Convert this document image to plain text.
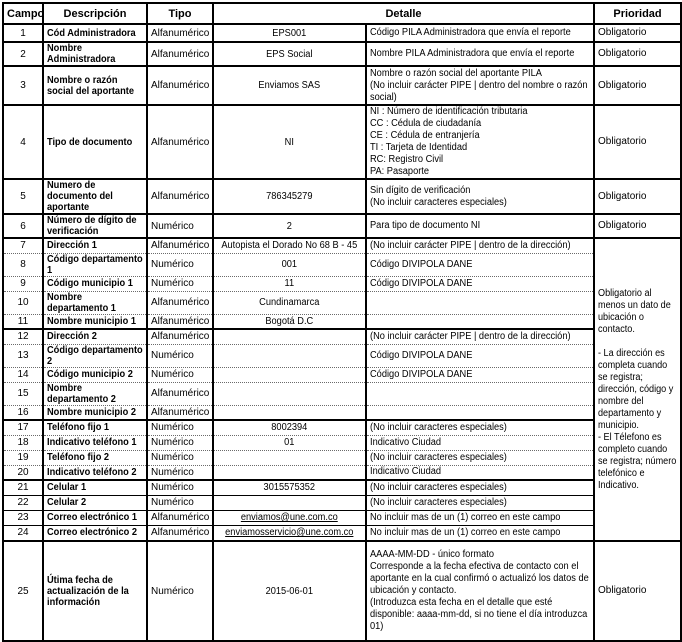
Campo	Descripción	Tipo	Detalle		Prioridad
1	Cód Administradora	Alfanumérico	EPS001	Código PILA Administradora que envía el reporte	Obligatorio
2	Nombre Administradora	Alfanumérico	EPS Social	Nombre PILA Administradora que envía el reporte	Obligatorio
3	Nombre o razón social del aportante	Alfanumérico	Enviamos SAS	Nombre o razón social del aportante PILA
(No incluir carácter PIPE | dentro del nombre o razón social)	Obligatorio
4	Tipo de documento	Alfanumérico	NI

NI : Número de identificación tributaria
CC : Cédula de ciudadanía
CE : Cédula de entranjería
TI : Tarjeta de Identidad
RC: Registro Civil
PA: Pasaporte
	Obligatorio
5	Numero de documento del aportante	Alfanumérico	786345279	Sin dígito de verificación
(No incluir caracteres especiales)	Obligatorio
6	Número de dígito de verificación	Numérico	2	Para tipo de documento NI	Obligatorio
7	Dirección 1	Alfanumérico	Autopista el Dorado No 68 B - 45	(No incluir carácter PIPE | dentro de la dirección)	Obligatorio al menos un dato de ubicación o contacto.
- La dirección es completa cuando se registra; dirección, código y nombre del departamento y municipio.
- El Télefono es completo cuando se registra; número telefónico e Indicativo.

8	Código departamento 1	Numérico	001	Código DIVIPOLA DANE	

9	Código municipio 1	Numérico	11	Código DIVIPOLA DANE	

10	Nombre departamento 1	Alfanumérico	Cundinamarca		

11	Nombre municipio 1	Alfanumérico	Bogotá D.C		

12	Dirección 2	Alfanumérico		(No incluir carácter PIPE | dentro de la dirección)	

13	Código departamento 2	Numérico		Código DIVIPOLA DANE	

14	Código municipio 2	Numérico		Código DIVIPOLA DANE	

15	Nombre departamento 2	Alfanumérico			
16	Nombre municipio 2	Alfanumérico			
17	Teléfono fijo 1	Numérico	8002394	(No incluir caracteres especiales)	

18	Indicativo teléfono 1	Numérico	01	Indicativo Ciudad	

19	Teléfono fijo 2	Numérico		(No incluir caracteres especiales)	

20	Indicativo teléfono 2	Numérico		Indicativo Ciudad	

21	Celular 1	Numérico	3015575352	(No incluir caracteres especiales)	

22	Celular 2	Numérico		(No incluir caracteres especiales)	

23	Correo electrónico 1	Alfanumérico	enviamos@une.com.co	No incluir mas de un (1) correo en este campo	

24	Correo electrónico 2	Alfanumérico	enviamosservicio@une.com.co	No incluir mas de un (1) correo en este campo	

25	Útima fecha de actualización de la información	Numérico	2015-06-01	AAAA-MM-DD - único formato
Corresponde a la fecha efectiva de contacto con el aportante en la cual confirmó o actualizó los datos de ubicación y contacto.
(Introduzca esta fecha en el detalle que esté disponible: aaaa-mm-dd, si no tiene el día introduzca 01)	Obligatorio
